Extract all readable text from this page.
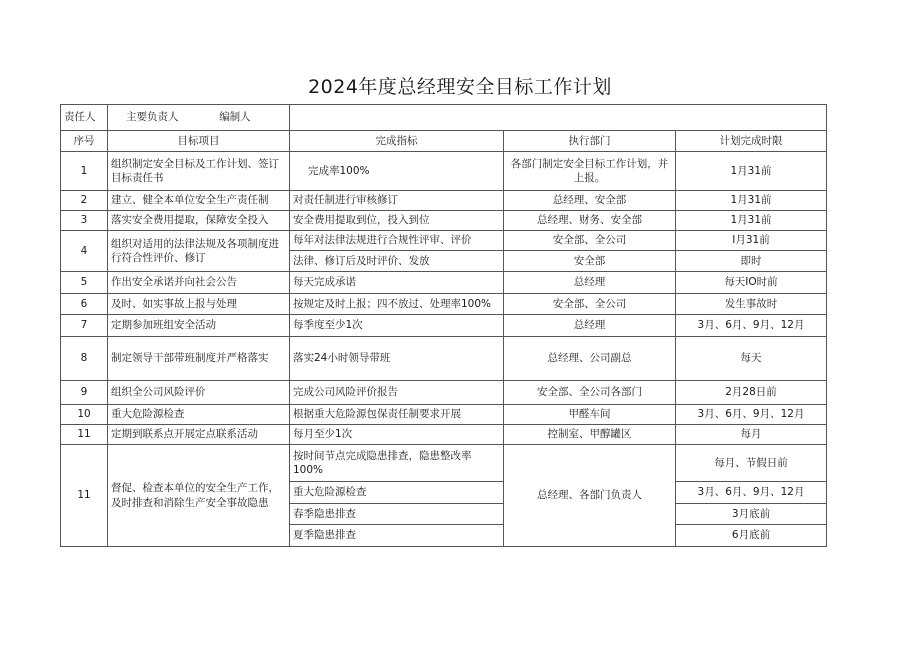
2024年度总经理安全目标工作计划
责任人	主要负责人 编制人			
序号	目标项目	完成指标	执行部门	计划完成时限
1	组织制定安全目标及工作计划、签订目标责任书	完成率100%	各部门制定安全目标工作计划，并上报。	1月31前
2	建立、健全本单位安全生产责任制	对责任制进行审核修订	总经理、安全部	1月31前
3	落实安全费用提取，保障安全投入	安全费用提取到位，投入到位	总经理、财务、安全部	1月31前
4	组织对适用的法律法规及各项制度进行符合性评价、修订	每年对法律法规进行合规性评审、评价	安全部、全公司	I月31前
		法律、修订后及时评价、发放	安全部	即时
5	作出安全承诺并向社会公告	每天完成承诺	总经理	每天IO时前
6	及时、如实事故上报与处理	按规定及时上报；四不放过、处理率100%	安全部、全公司	发生事故时
7	定期参加班组安全活动	每季度至少1次	总经理	3月、6月、9月、12月
8	制定领导干部带班制度并严格落实	落实24小时领导带班	总经理、公司副总	每天
9	组织全公司风险评价	完成公司风险评价报告	安全部、全公司各部门	2月28日前
10	重大危险源检查	根据重大危险源包保责任制要求开展	甲醛车间	3月、6月、9月、12月
11	定期到联系点开展定点联系活动	每月至少1次	控制室、甲醇罐区	每月
11	督促、检查本单位的安全生产工作，及时排查和消除生产安全事故隐患	按时间节点完成隐患排查，隐患整改率100%	总经理、各部门负责人	每月、节假日前
		重大危险源检查		3月、6月、9月、12月
		春季隐患排查		3月底前
		夏季隐患排查		6月底前
